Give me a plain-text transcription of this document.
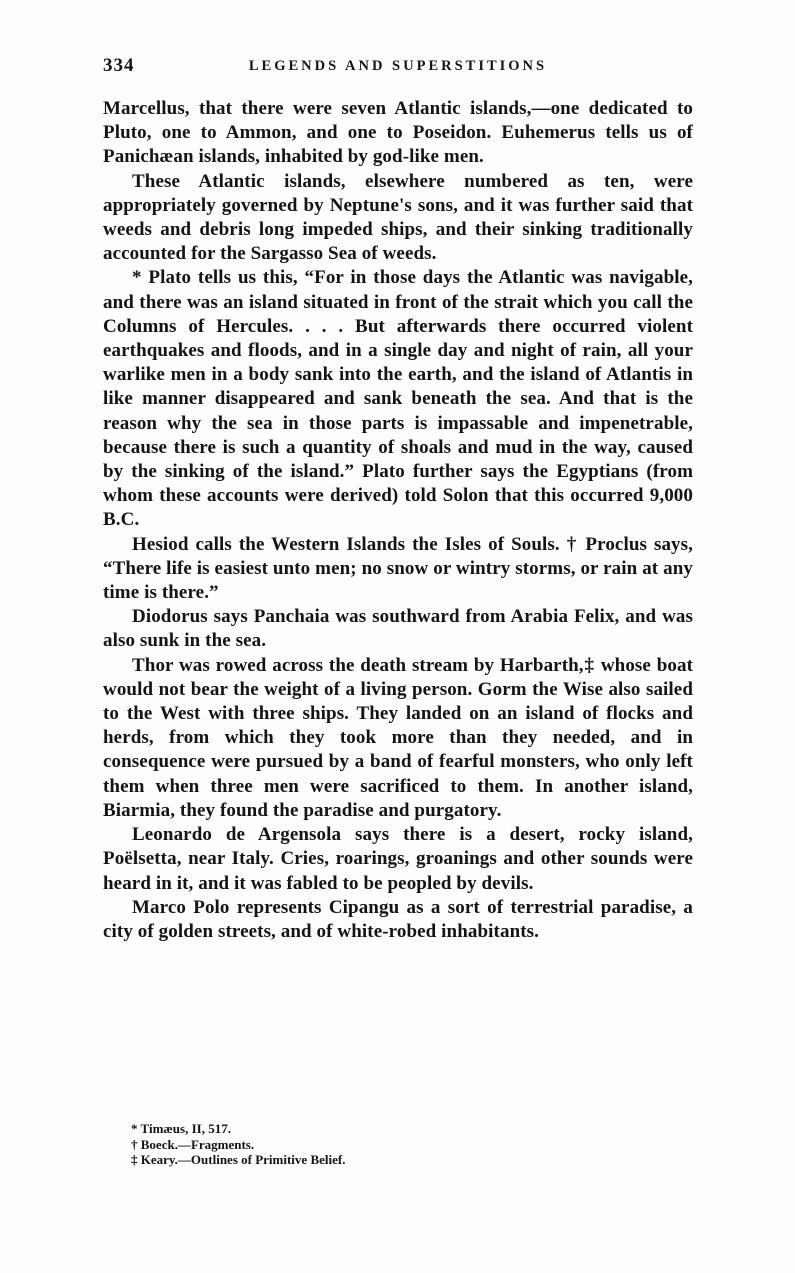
334	LEGENDS AND SUPERSTITIONS

Marcellus, that there were seven Atlantic islands,—one dedicated to Pluto, one to Ammon, and one to Poseidon. Euhemerus tells us of Panichæan islands, inhabited by god-like men.

These Atlantic islands, elsewhere numbered as ten, were appropriately governed by Neptune's sons, and it was further said that weeds and debris long impeded ships, and their sinking traditionally accounted for the Sargasso Sea of weeds.

* Plato tells us this, “For in those days the Atlantic was navigable, and there was an island situated in front of the strait which you call the Columns of Hercules. . . . But afterwards there occurred violent earthquakes and floods, and in a single day and night of rain, all your warlike men in a body sank into the earth, and the island of Atlantis in like manner disappeared and sank beneath the sea. And that is the reason why the sea in those parts is impassable and impenetrable, because there is such a quantity of shoals and mud in the way, caused by the sinking of the island.” Plato further says the Egyptians (from whom these accounts were derived) told Solon that this occurred 9,000 B.C.

Hesiod calls the Western Islands the Isles of Souls. † Proclus says, “There life is easiest unto men; no snow or wintry storms, or rain at any time is there.”

Diodorus says Panchaia was southward from Arabia Felix, and was also sunk in the sea.

Thor was rowed across the death stream by Harbarth,‡ whose boat would not bear the weight of a living person. Gorm the Wise also sailed to the West with three ships. They landed on an island of flocks and herds, from which they took more than they needed, and in consequence were pursued by a band of fearful monsters, who only left them when three men were sacrificed to them. In another island, Biarmia, they found the paradise and purgatory.

Leonardo de Argensola says there is a desert, rocky island, Poëlsetta, near Italy. Cries, roarings, groanings and other sounds were heard in it, and it was fabled to be peopled by devils.

Marco Polo represents Cipangu as a sort of terrestrial paradise, a city of golden streets, and of white-robed inhabitants.

* Timæus, II, 517.

† Boeck.—Fragments.

‡ Keary.—Outlines of Primitive Belief.
